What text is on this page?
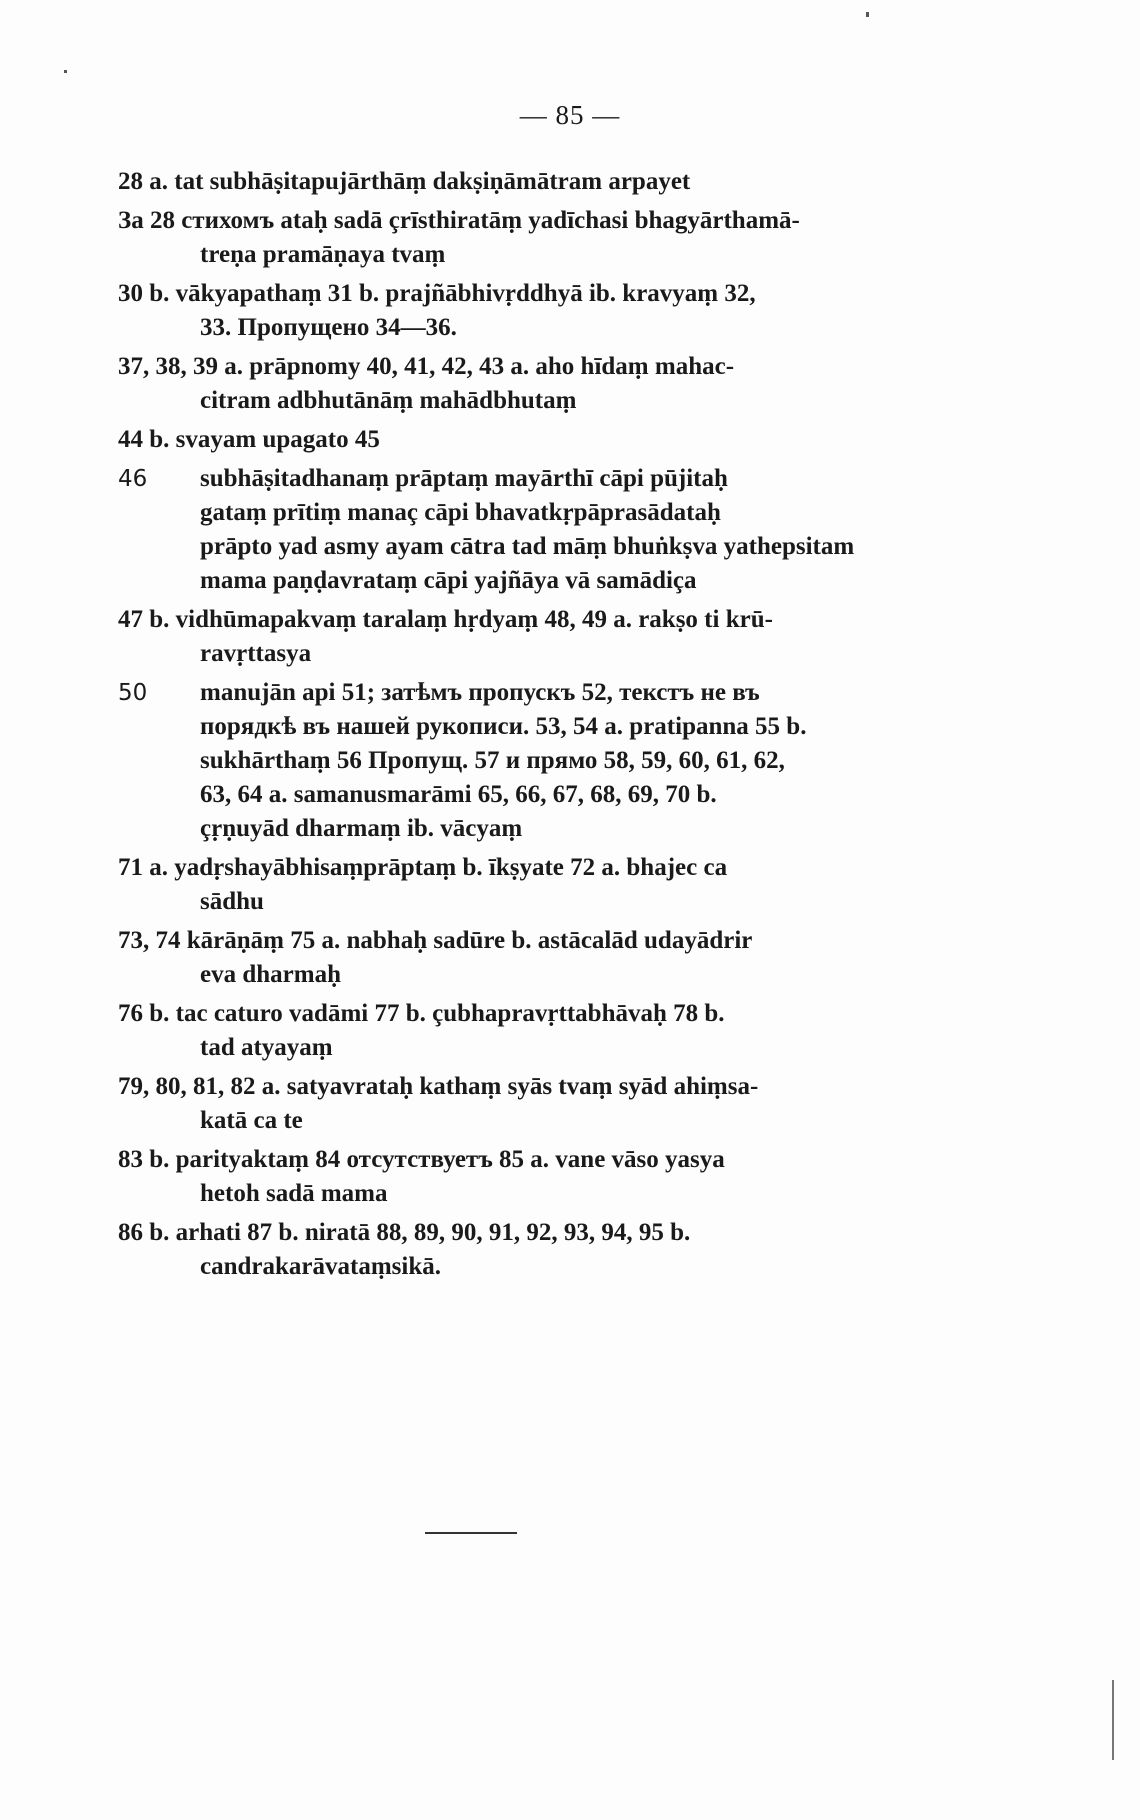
— 85 —
28 a. tat subhāṣitapujārthāṃ dakṣiṇāmātram arpayet
За 28 стихомъ ataḥ sadā çrīsthiratāṃ yadīchasi bhagyārthamā-
treṇa pramāṇaya tvaṃ
30 b. vākyapathaṃ 31 b. prajñābhivṛddhyā ib. kravyaṃ 32,
33. Пропущено 34—36.
37, 38, 39 a. prāpnomy 40, 41, 42, 43 a. aho hīdaṃ mahac-
citram adbhutānāṃ mahādbhutaṃ
44 b. svayam upagato 45
46 subhāṣitadhanaṃ prāptaṃ mayārthī cāpi pūjitaḥ
gataṃ prītiṃ manaç cāpi bhavatkṛpāprasādataḥ
prāpto yad asmy ayam cātra tad māṃ bhuṅkṣva yathepsitam
mama paṇḍavrataṃ cāpi yajñāya vā samādiça
47 b. vidhūmapakvaṃ taralaṃ hṛdyaṃ 48, 49 a. rakṣo ti krū-
ravṛttasya
50 manujān api 51; затѣмъ пропускъ 52, текстъ не въ
порядкѣ въ нашей рукописи. 53, 54 a. pratipanna 55 b.
sukhārthaṃ 56 Пропущ. 57 и прямо 58, 59, 60, 61, 62,
63, 64 a. samanusmarāmi 65, 66, 67, 68, 69, 70 b.
çṛṇuyād dharmaṃ ib. vācyaṃ
71 a. yadṛshayābhisaṃprāptaṃ b. īkṣyate 72 a. bhajec ca
sādhu
73, 74 kārāṇāṃ 75 a. nabhaḥ sadūre b. astācalād udayādrir
eva dharmaḥ
76 b. tac caturo vadāmi 77 b. çubhapravṛttabhāvaḥ 78 b.
tad atyayaṃ
79, 80, 81, 82 a. satyavrataḥ kathaṃ syās tvaṃ syād ahiṃsa-
katā ca te
83 b. parityaktaṃ 84 отсутствуетъ 85 a. vane vāso yasya
hetoh sadā mama
86 b. arhati 87 b. niratā 88, 89, 90, 91, 92, 93, 94, 95 b.
candrakarāvataṃsikā.
